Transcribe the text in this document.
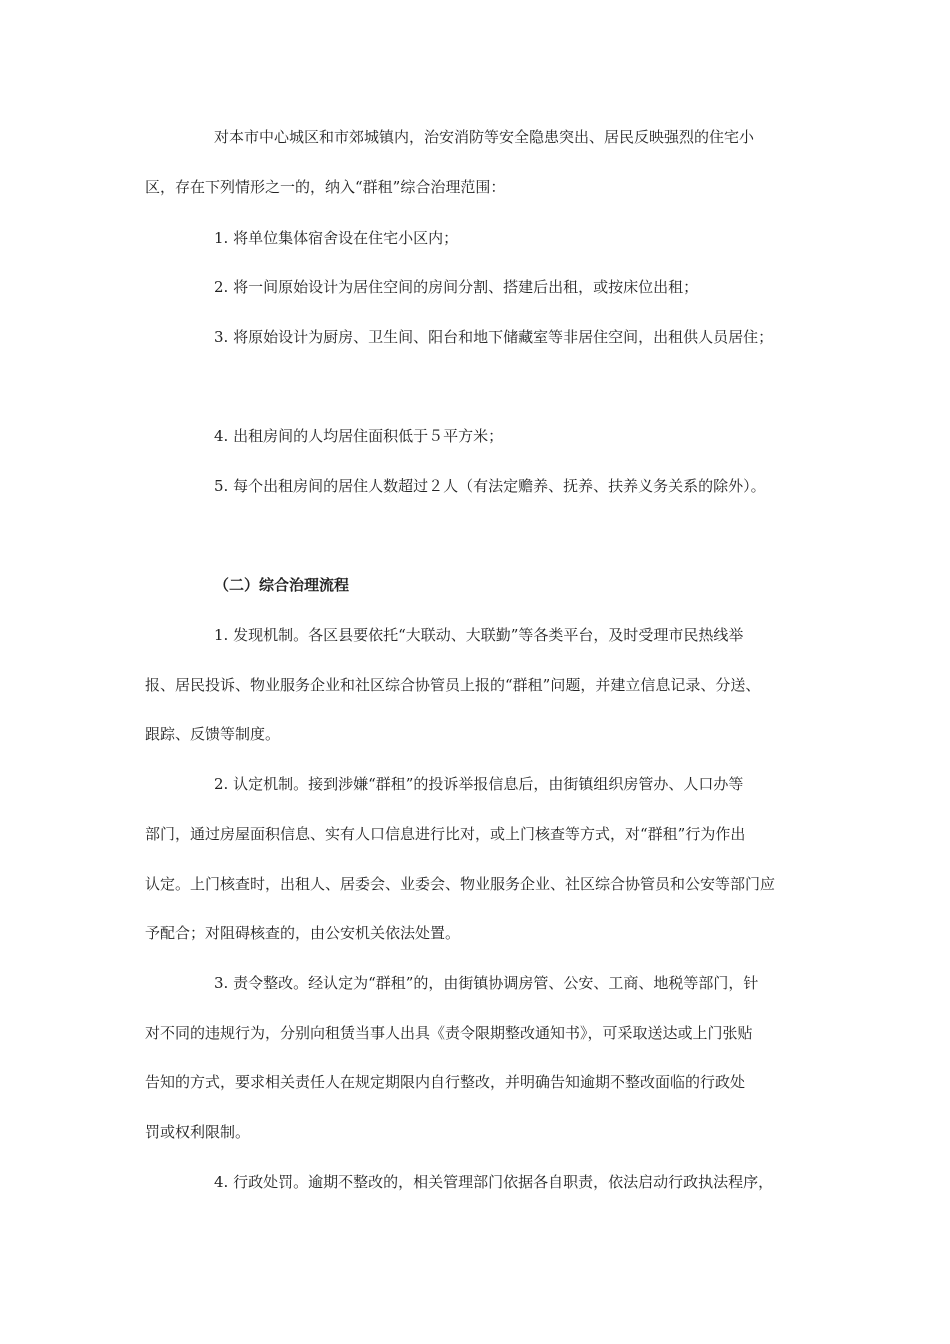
对本市中心城区和市郊城镇内，治安消防等安全隐患突出、居民反映强烈的住宅小
区，存在下列情形之一的，纳入“群租”综合治理范围：
1. 将单位集体宿舍设在住宅小区内；
2. 将一间原始设计为居住空间的房间分割、搭建后出租，或按床位出租；
3. 将原始设计为厨房、卫生间、阳台和地下储藏室等非居住空间，出租供人员居住；
4. 出租房间的人均居住面积低于５平方米；
5. 每个出租房间的居住人数超过２人（有法定赡养、抚养、扶养义务关系的除外）。
（二）综合治理流程
1. 发现机制。各区县要依托“大联动、大联勤”等各类平台，及时受理市民热线举
报、居民投诉、物业服务企业和社区综合协管员上报的“群租”问题，并建立信息记录、分送、
跟踪、反馈等制度。
2. 认定机制。接到涉嫌“群租”的投诉举报信息后，由街镇组织房管办、人口办等
部门，通过房屋面积信息、实有人口信息进行比对，或上门核查等方式，对“群租”行为作出
认定。上门核查时，出租人、居委会、业委会、物业服务企业、社区综合协管员和公安等部门应
予配合；对阻碍核查的，由公安机关依法处置。
3. 责令整改。经认定为“群租”的，由街镇协调房管、公安、工商、地税等部门，针
对不同的违规行为，分别向租赁当事人出具《责令限期整改通知书》，可采取送达或上门张贴
告知的方式，要求相关责任人在规定期限内自行整改，并明确告知逾期不整改面临的行政处
罚或权利限制。
4. 行政处罚。逾期不整改的，相关管理部门依据各自职责，依法启动行政执法程序，
